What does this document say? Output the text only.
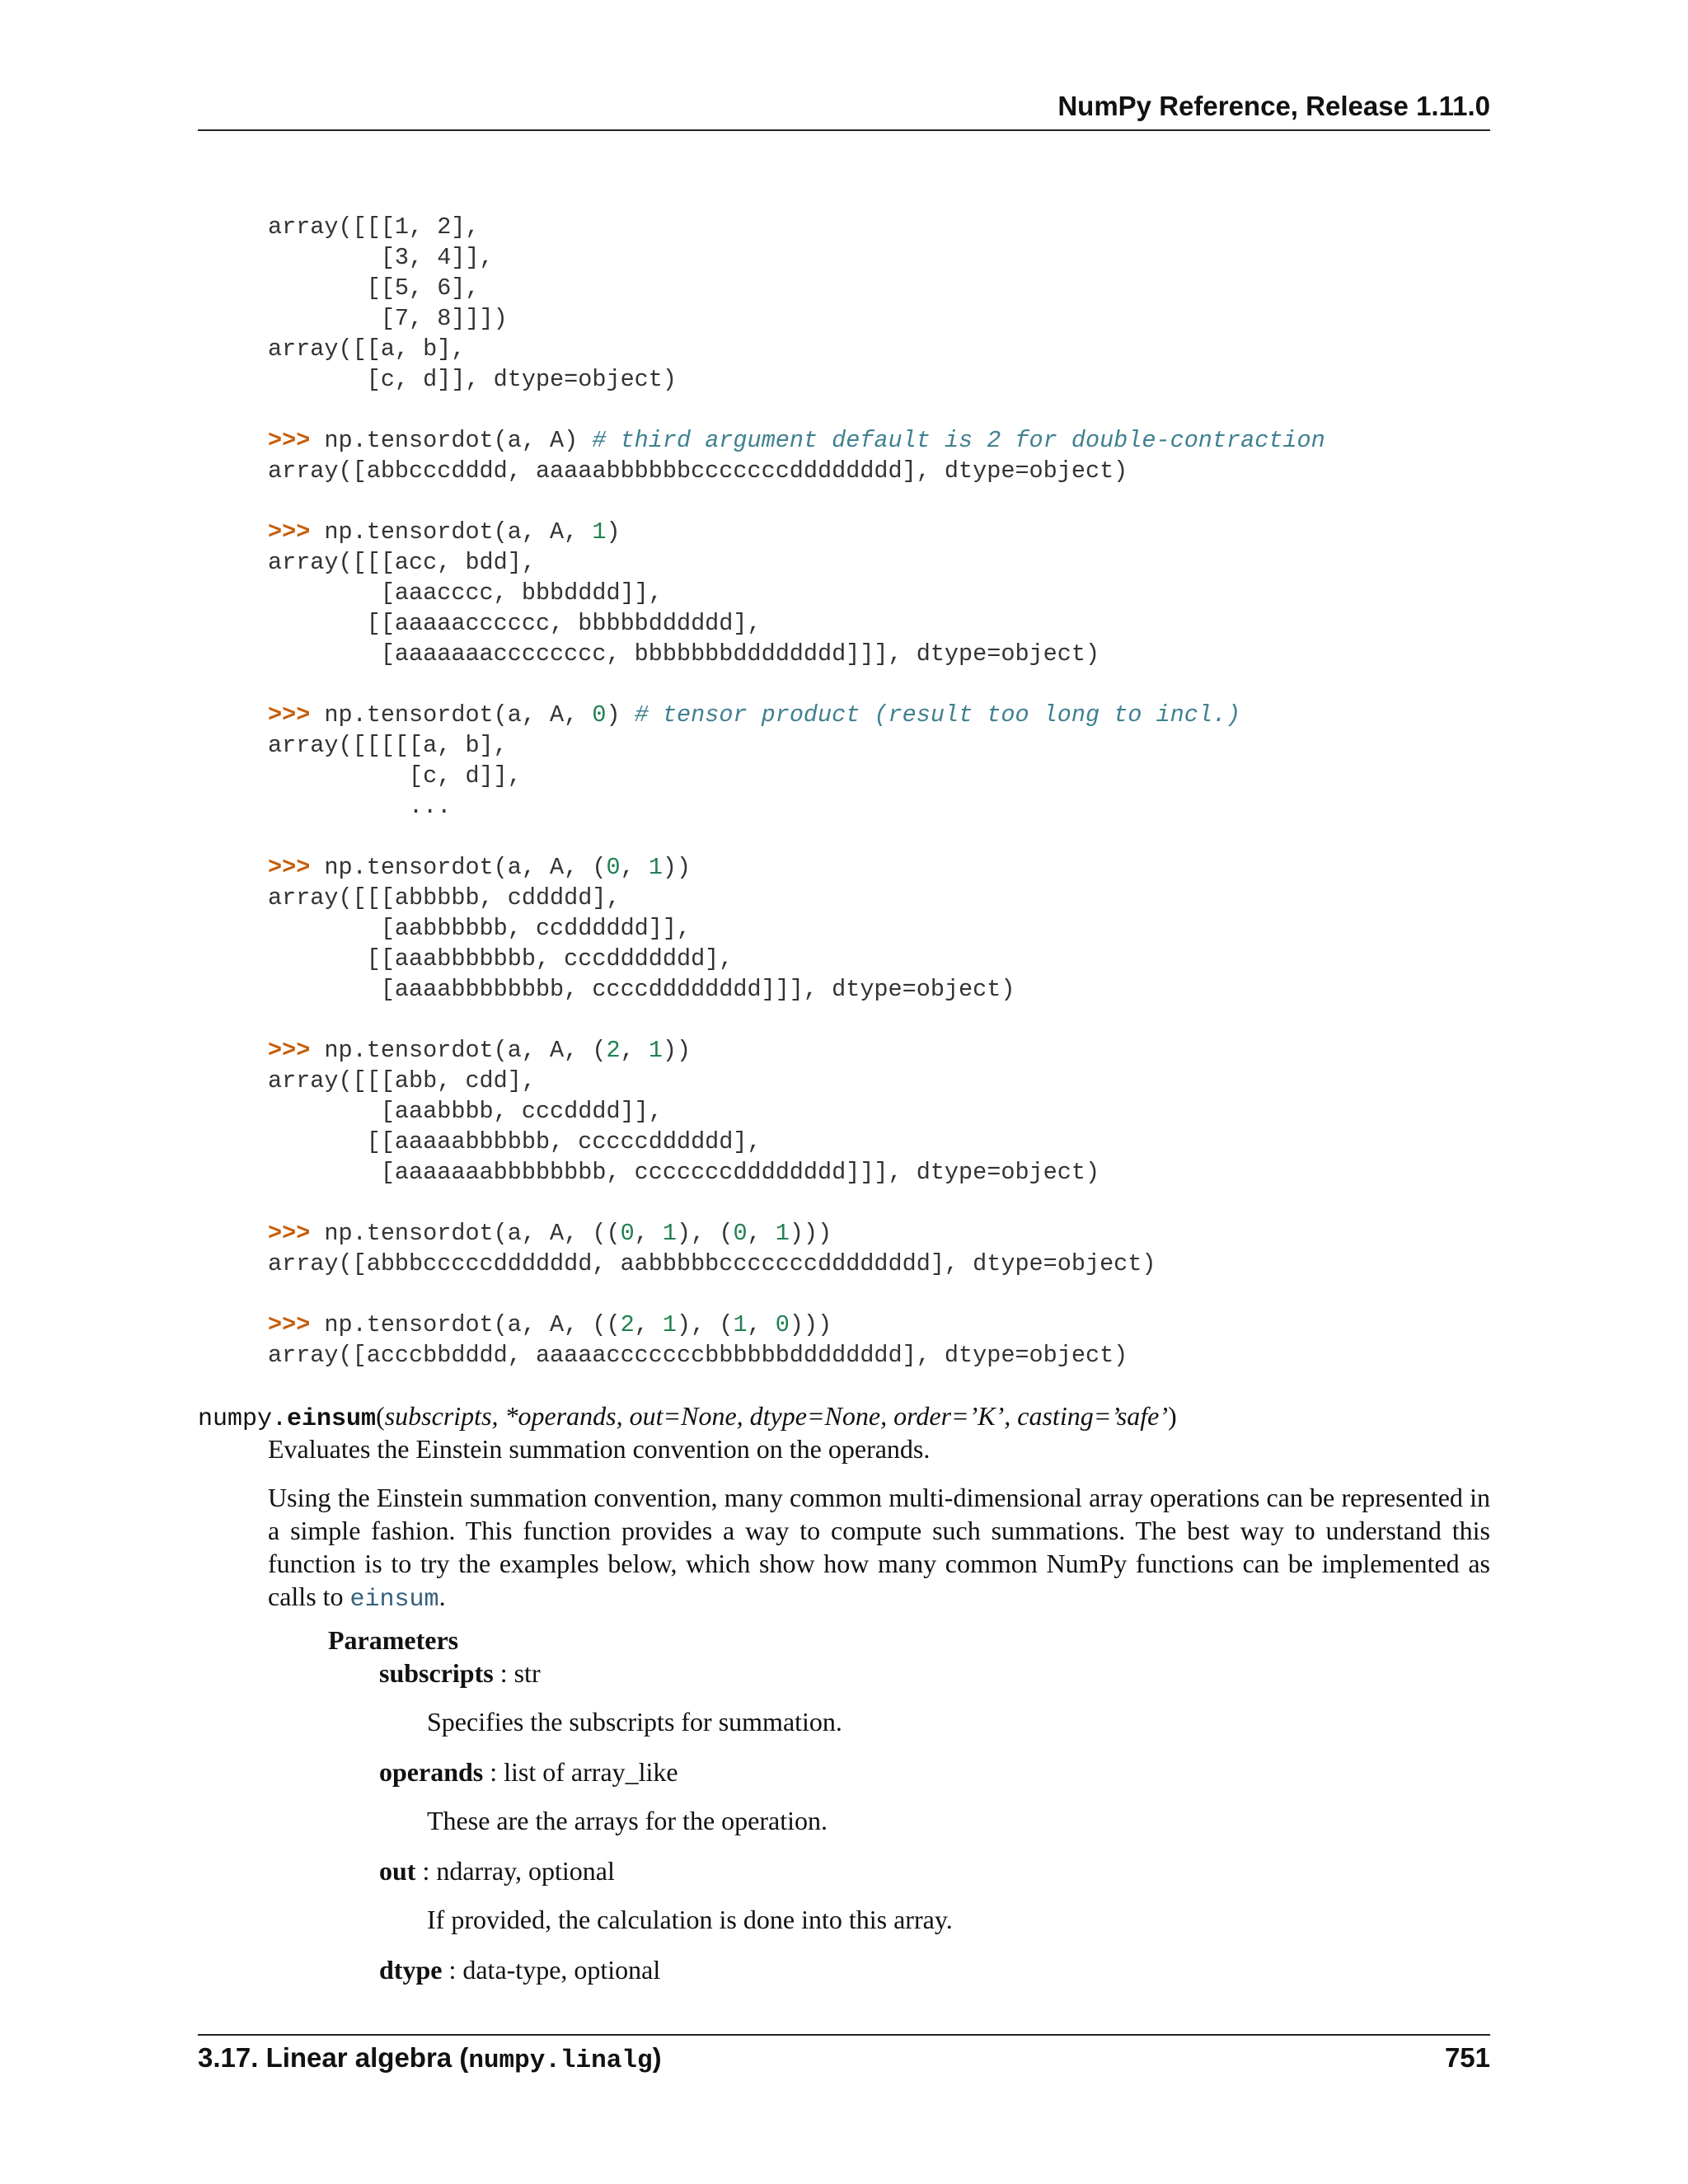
NumPy Reference, Release 1.11.0
array([[[1, 2],
[3, 4]],
[[5, 6],
[7, 8]]])
array([[a, b],
[c, d]], dtype=object)
>>> np.tensordot(a, A) # third argument default is 2 for double-contraction
array([abbcccdddd, aaaaabbbbbbcccccccdddddddd], dtype=object)
>>> np.tensordot(a, A, 1)
array([[[acc, bdd],
[aaacccc, bbbdddd]],
[[aaaaacccccc, bbbbbdddddd],
[aaaaaaacccccccc, bbbbbbbdddddddd]]], dtype=object)
>>> np.tensordot(a, A, 0) # tensor product (result too long to incl.)
array([[[[[a, b],
[c, d]],
...
>>> np.tensordot(a, A, (0, 1))
array([[[abbbbb, cddddd],
[aabbbbbb, ccdddddd]],
[[aaabbbbbbb, cccddddddd],
[aaaabbbbbbbb, ccccdddddddd]]], dtype=object)
>>> np.tensordot(a, A, (2, 1))
array([[[abb, cdd],
[aaabbbb, cccdddd]],
[[aaaaabbbbbb, cccccdddddd],
[aaaaaaabbbbbbbb, cccccccdddddddd]]], dtype=object)
>>> np.tensordot(a, A, ((0, 1), (0, 1)))
array([abbbcccccddddddd, aabbbbbcccccccdddddddd], dtype=object)
>>> np.tensordot(a, A, ((2, 1), (1, 0)))
array([acccbbdddd, aaaaacccccccbbbbbbdddddddd], dtype=object)
numpy.einsum(subscripts, *operands, out=None, dtype=None, order=’K’, casting=’safe’)
Evaluates the Einstein summation convention on the operands.
Using the Einstein summation convention, many common multi-dimensional array operations can be represented in a simple fashion. This function provides a way to compute such summations. The best way to understand this function is to try the examples below, which show how many common NumPy functions can be implemented as calls to einsum.
Parameters
subscripts : str
Specifies the subscripts for summation.
operands : list of array_like
These are the arrays for the operation.
out : ndarray, optional
If provided, the calculation is done into this array.
dtype : data-type, optional
3.17. Linear algebra (numpy.linalg)	751
